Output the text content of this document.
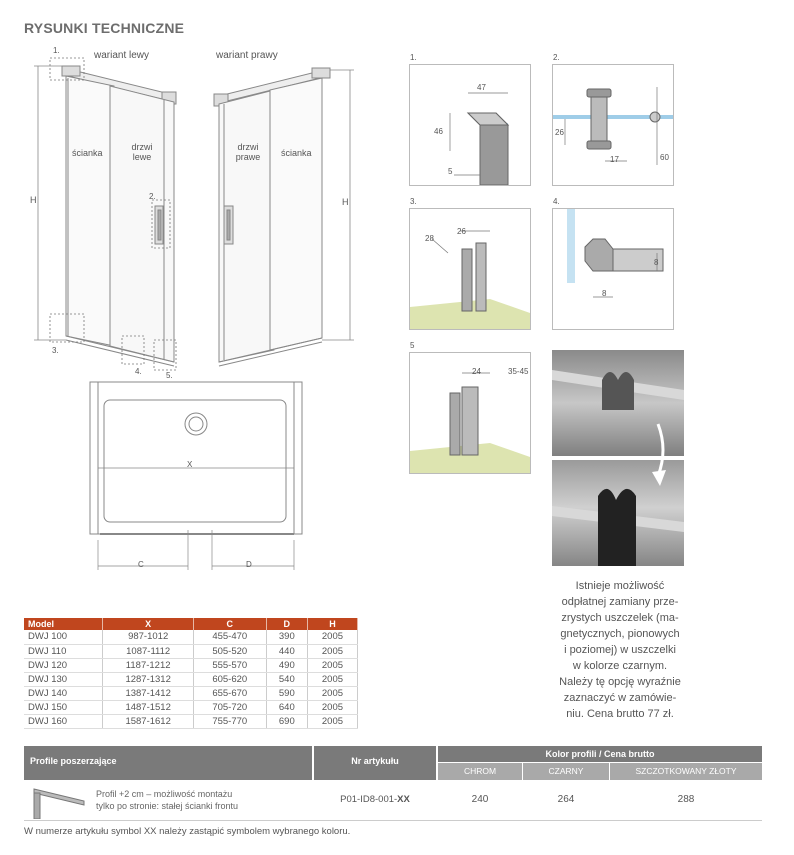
RYSUNKI TECHNICZNE
wariant lewy	wariant prawy
ścianka
drzwi lewe
drzwi prawe	ścianka
H	H
1.
2.
3.
4.	5.
X
C	D
1.
47
46
5
2.
26
17	60
3.
26
28
4.
8
8
5
24	35-45
Istnieje możliwość
odpłatnej zamiany prze-
zrystych uszczelek (ma-
gnetycznych, pionowych
i poziomej) w uszczelki
w kolorze czarnym.
Należy tę opcję wyraźnie
zaznaczyć w zamówie-
niu. Cena brutto 77 zł.
Model	X	C	D	H
DWJ 100	987-1012	455-470	390	2005
DWJ 110	1087-1112	505-520	440	2005
DWJ 120	1187-1212	555-570	490	2005
DWJ 130	1287-1312	605-620	540	2005
DWJ 140	1387-1412	655-670	590	2005
DWJ 150	1487-1512	705-720	640	2005
DWJ 160	1587-1612	755-770	690	2005
Profile poszerzające	Nr artykułu
Kolor profili / Cena brutto
CHROM	CZARNY	SZCZOTKOWANY ZŁOTY
Profil +2 cm – możliwość montażu
tylko po stronie: stałej ścianki frontu
P01-ID8-001-XX	240	264	288
W numerze artykułu symbol XX należy zastąpić symbolem wybranego koloru.
